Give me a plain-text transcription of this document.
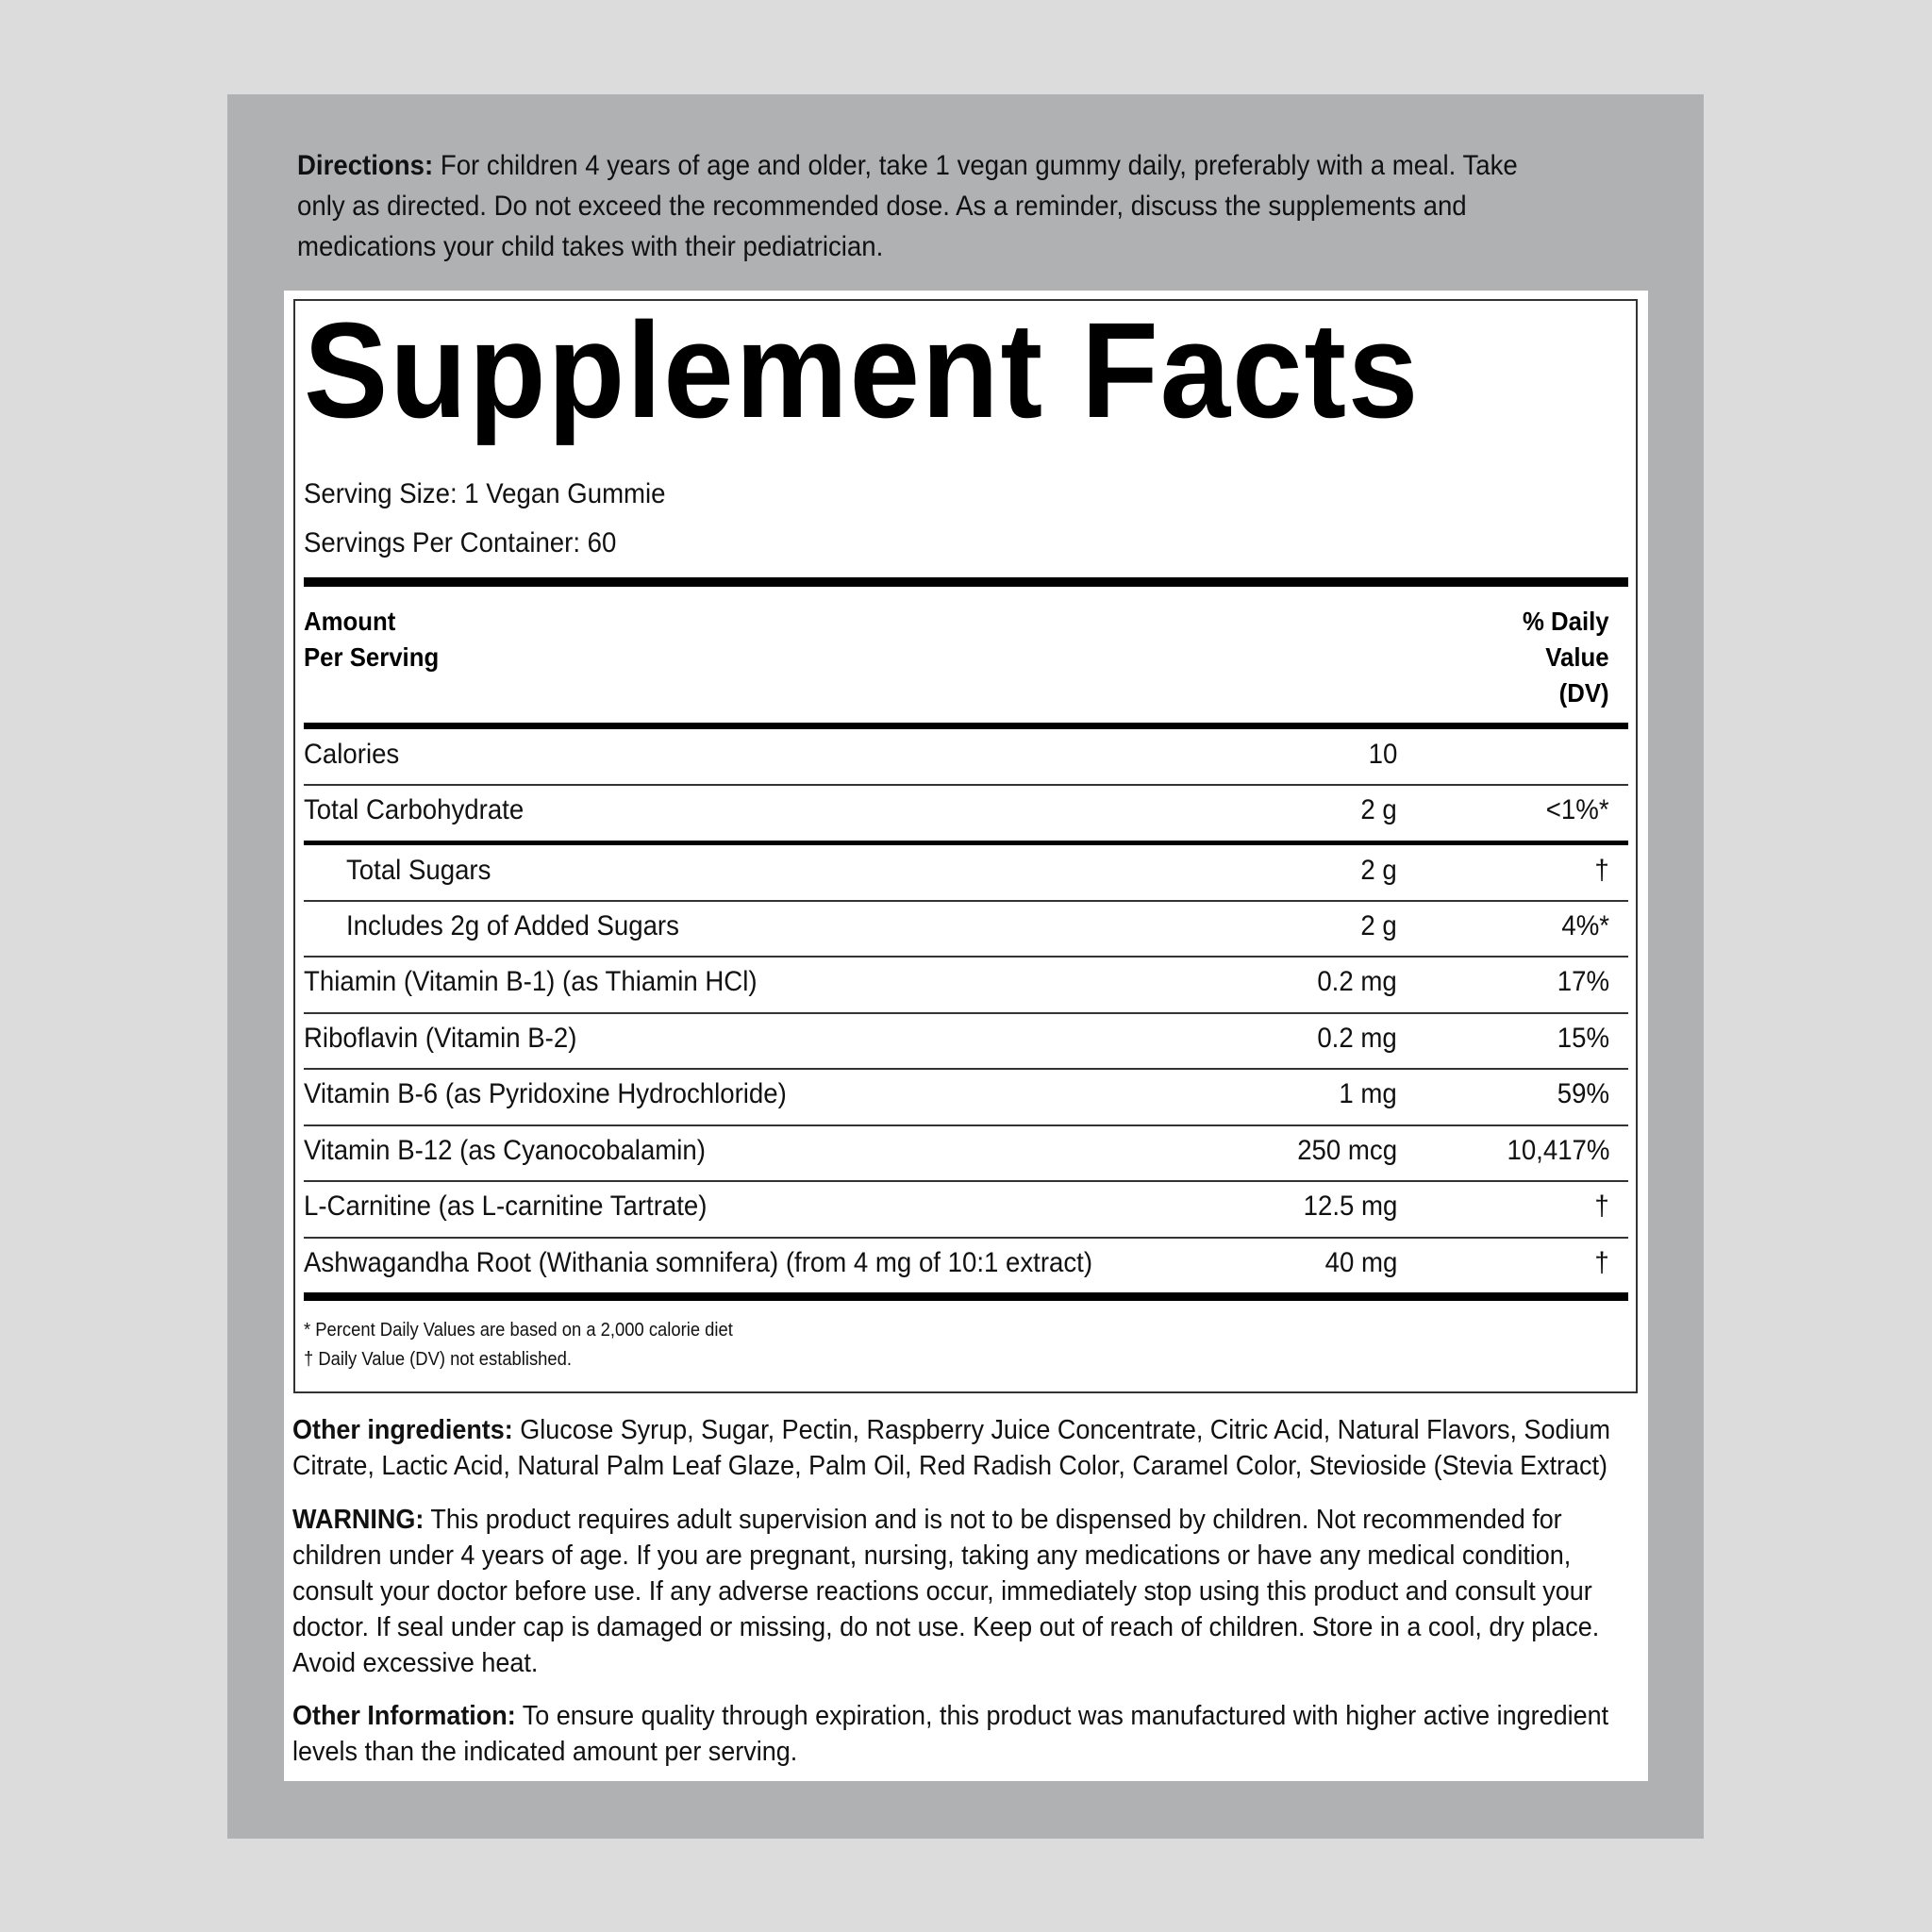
Directions: For children 4 years of age and older, take 1 vegan gummy daily, preferably with a meal. Take only as directed. Do not exceed the recommended dose. As a reminder, discuss the supplements and medications your child takes with their pediatrician.
Supplement Facts
Serving Size: 1 Vegan Gummie
Servings Per Container: 60
Amount
Per Serving
% Daily
Value
(DV)
Calories	10
Total Carbohydrate	2 g	<1%*
Total Sugars	2 g	†
Includes 2g of Added Sugars	2 g	4%*
Thiamin (Vitamin B-1) (as Thiamin HCl)	0.2 mg	17%
Riboflavin (Vitamin B-2)	0.2 mg	15%
Vitamin B-6 (as Pyridoxine Hydrochloride)	1 mg	59%
Vitamin B-12 (as Cyanocobalamin)	250 mcg	10,417%
L-Carnitine (as L-carnitine Tartrate)	12.5 mg	†
Ashwagandha Root (Withania somnifera) (from 4 mg of 10:1 extract)	40 mg	†
* Percent Daily Values are based on a 2,000 calorie diet
† Daily Value (DV) not established.
Other ingredients: Glucose Syrup, Sugar, Pectin, Raspberry Juice Concentrate, Citric Acid, Natural Flavors, Sodium Citrate, Lactic Acid, Natural Palm Leaf Glaze, Palm Oil, Red Radish Color, Caramel Color, Stevioside (Stevia Extract)
WARNING: This product requires adult supervision and is not to be dispensed by children. Not recommended for children under 4 years of age. If you are pregnant, nursing, taking any medications or have any medical condition, consult your doctor before use. If any adverse reactions occur, immediately stop using this product and consult your doctor. If seal under cap is damaged or missing, do not use. Keep out of reach of children. Store in a cool, dry place. Avoid excessive heat.
Other Information: To ensure quality through expiration, this product was manufactured with higher active ingredient levels than the indicated amount per serving.
